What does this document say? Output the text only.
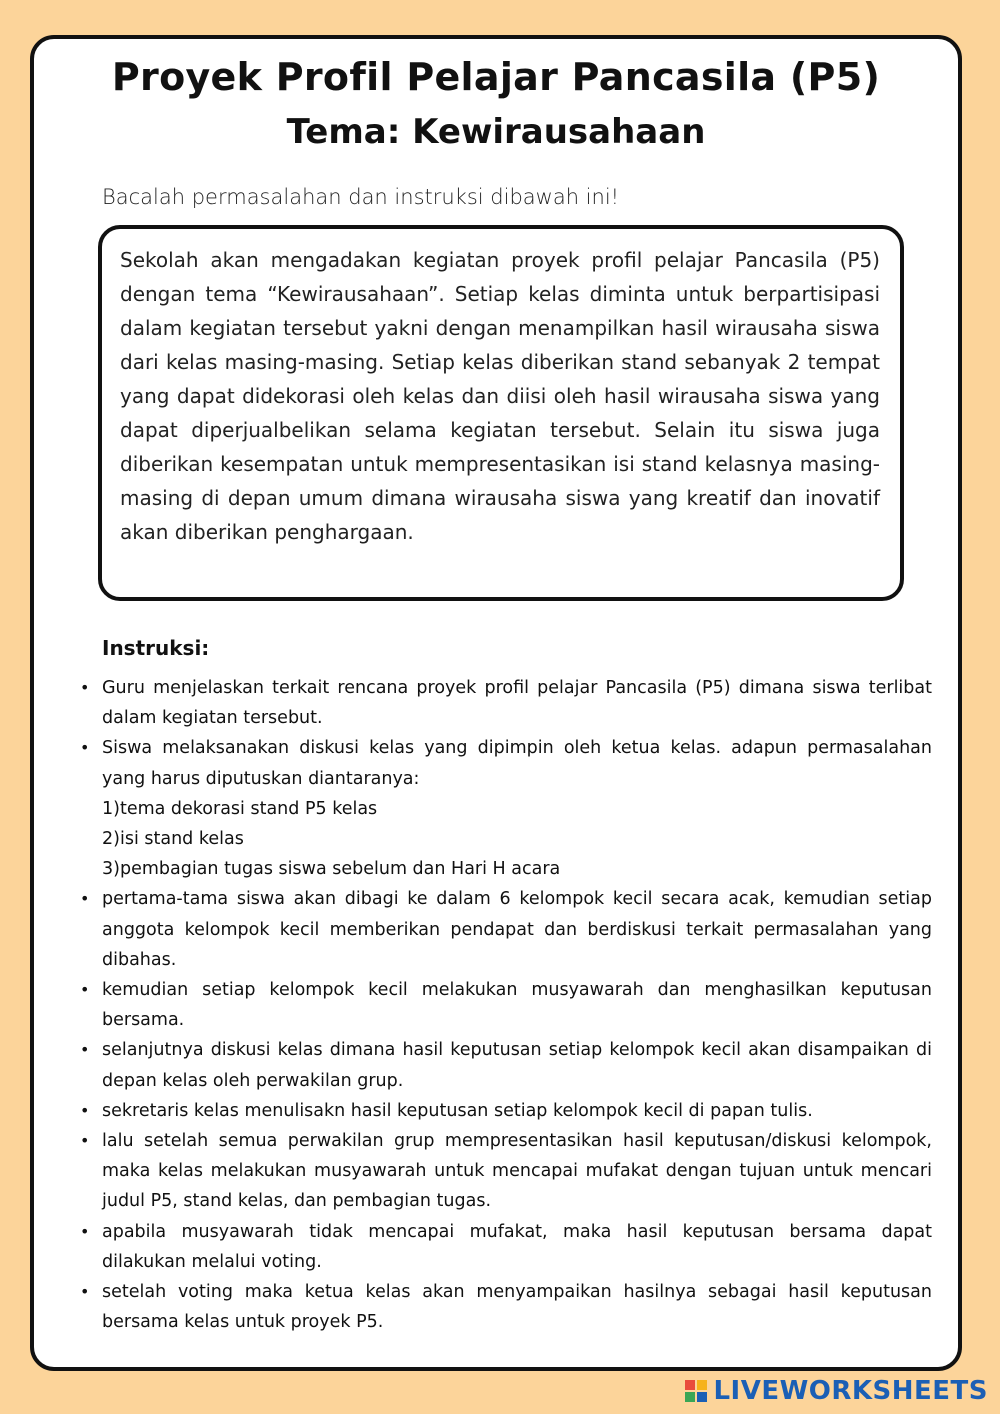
Proyek Profil Pelajar Pancasila (P5)
Tema: Kewirausahaan

Bacalah permasalahan dan instruksi dibawah ini!

Sekolah akan mengadakan kegiatan proyek profil pelajar Pancasila (P5) dengan tema “Kewirausahaan”. Setiap kelas diminta untuk berpartisipasi dalam kegiatan tersebut yakni dengan menampilkan hasil wirausaha siswa dari kelas masing-masing. Setiap kelas diberikan stand sebanyak 2 tempat yang dapat didekorasi oleh kelas dan diisi oleh hasil wirausaha siswa yang dapat diperjualbelikan selama kegiatan tersebut. Selain itu siswa juga diberikan kesempatan untuk mempresentasikan isi stand kelasnya masing-masing di depan umum dimana wirausaha siswa yang kreatif dan inovatif akan diberikan penghargaan.

Instruksi:
• Guru menjelaskan terkait rencana proyek profil pelajar Pancasila (P5) dimana siswa terlibat dalam kegiatan tersebut.
• Siswa melaksanakan diskusi kelas yang dipimpin oleh ketua kelas. adapun permasalahan yang harus diputuskan diantaranya:
1)tema dekorasi stand P5 kelas
2)isi stand kelas
3)pembagian tugas siswa sebelum dan Hari H acara
• pertama-tama siswa akan dibagi ke dalam 6 kelompok kecil secara acak, kemudian setiap anggota kelompok kecil memberikan pendapat dan berdiskusi terkait permasalahan yang dibahas.
• kemudian setiap kelompok kecil melakukan musyawarah dan menghasilkan keputusan bersama.
• selanjutnya diskusi kelas dimana hasil keputusan setiap kelompok kecil akan disampaikan di depan kelas oleh perwakilan grup.
• sekretaris kelas menulisakn hasil keputusan setiap kelompok kecil di papan tulis.
• lalu setelah semua perwakilan grup mempresentasikan hasil keputusan/diskusi kelompok, maka kelas melakukan musyawarah untuk mencapai mufakat dengan tujuan untuk mencari judul P5, stand kelas, dan pembagian tugas.
• apabila musyawarah tidak mencapai mufakat, maka hasil keputusan bersama dapat dilakukan melalui voting.
• setelah voting maka ketua kelas akan menyampaikan hasilnya sebagai hasil keputusan bersama kelas untuk proyek P5.
LIVEWORKSHEETS
